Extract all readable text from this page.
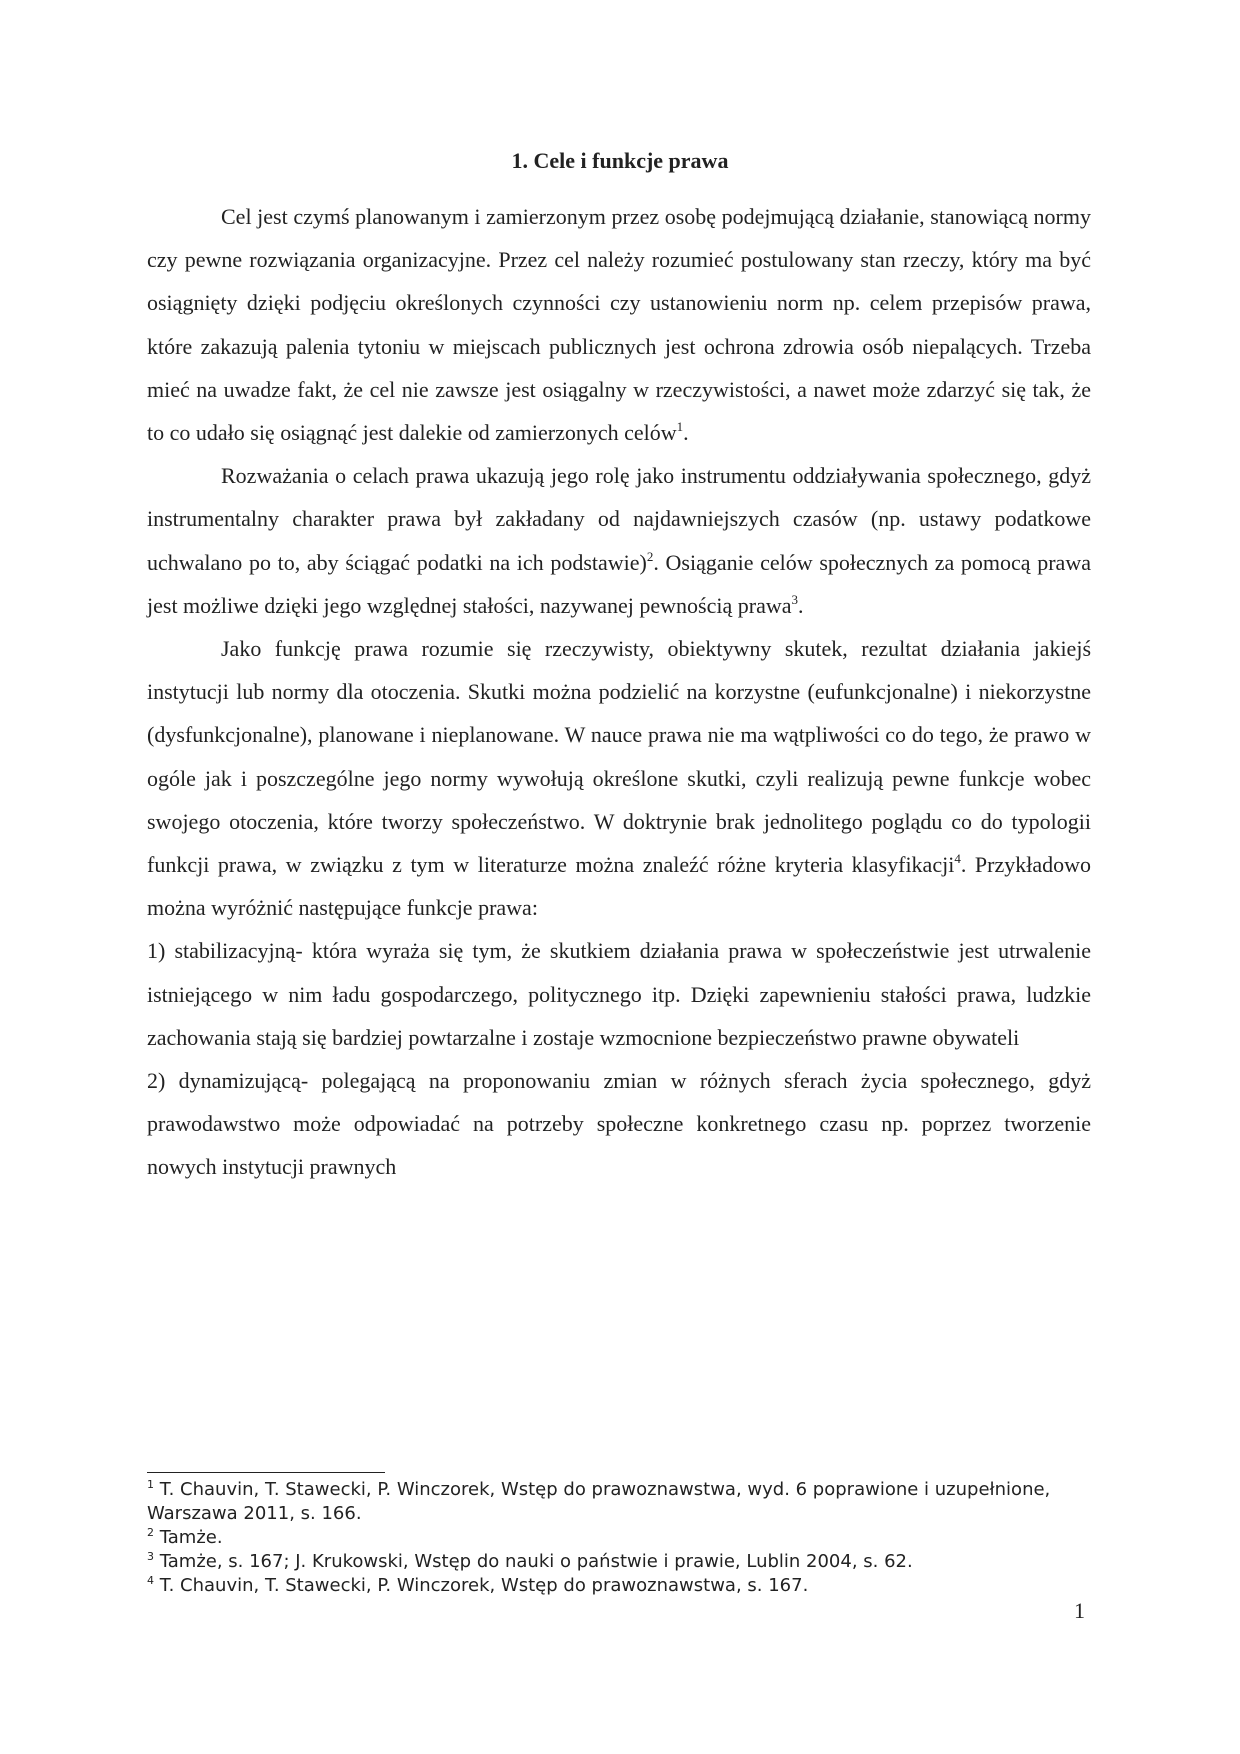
1. Cele i funkcje prawa

Cel jest czymś planowanym i zamierzonym przez osobę podejmującą działanie, stanowiącą normy czy pewne rozwiązania organizacyjne. Przez cel należy rozumieć postulowany stan rzeczy, który ma być osiągnięty dzięki podjęciu określonych czynności czy ustanowieniu norm np. celem przepisów prawa, które zakazują palenia tytoniu w miejscach publicznych jest ochrona zdrowia osób niepalących. Trzeba mieć na uwadze fakt, że cel nie zawsze jest osiągalny w rzeczywistości, a nawet może zdarzyć się tak, że to co udało się osiągnąć jest dalekie od zamierzonych celów$^1$.

Rozważania o celach prawa ukazują jego rolę jako instrumentu oddziaływania społecznego, gdyż instrumentalny charakter prawa był zakładany od najdawniejszych czasów (np. ustawy podatkowe uchwalano po to, aby ściągać podatki na ich podstawie)$^2$. Osiąganie celów społecznych za pomocą prawa jest możliwe dzięki jego względnej stałości, nazywanej pewnością prawa$^3$.

Jako funkcję prawa rozumie się rzeczywisty, obiektywny skutek, rezultat działania jakiejś instytucji lub normy dla otoczenia. Skutki można podzielić na korzystne (eufunkcjonalne) i niekorzystne (dysfunkcjonalne), planowane i nieplanowane. W nauce prawa nie ma wątpliwości co do tego, że prawo w ogóle jak i poszczególne jego normy wywołują określone skutki, czyli realizują pewne funkcje wobec swojego otoczenia, które tworzy społeczeństwo. W doktrynie brak jednolitego poglądu co do typologii funkcji prawa, w związku z tym w literaturze można znaleźć różne kryteria klasyfikacji$^4$. Przykładowo można wyróżnić następujące funkcje prawa:

1) stabilizacyjną- która wyraża się tym, że skutkiem działania prawa w społeczeństwie jest utrwalenie istniejącego w nim ładu gospodarczego, politycznego itp. Dzięki zapewnieniu stałości prawa, ludzkie zachowania stają się bardziej powtarzalne i zostaje wzmocnione bezpieczeństwo prawne obywateli

2) dynamizującą- polegającą na proponowaniu zmian w różnych sferach życia społecznego, gdyż prawodawstwo może odpowiadać na potrzeby społeczne konkretnego czasu np. poprzez tworzenie nowych instytucji prawnych

$^1$ T. Chauvin, T. Stawecki, P. Winczorek, Wstęp do prawoznawstwa, wyd. 6 poprawione i uzupełnione, Warszawa 2011, s. 166.
$^2$ Tamże.
$^3$ Tamże, s. 167; J. Krukowski, Wstęp do nauki o państwie i prawie, Lublin 2004, s. 62.
$^4$ T. Chauvin, T. Stawecki, P. Winczorek, Wstęp do prawoznawstwa, s. 167.
1
